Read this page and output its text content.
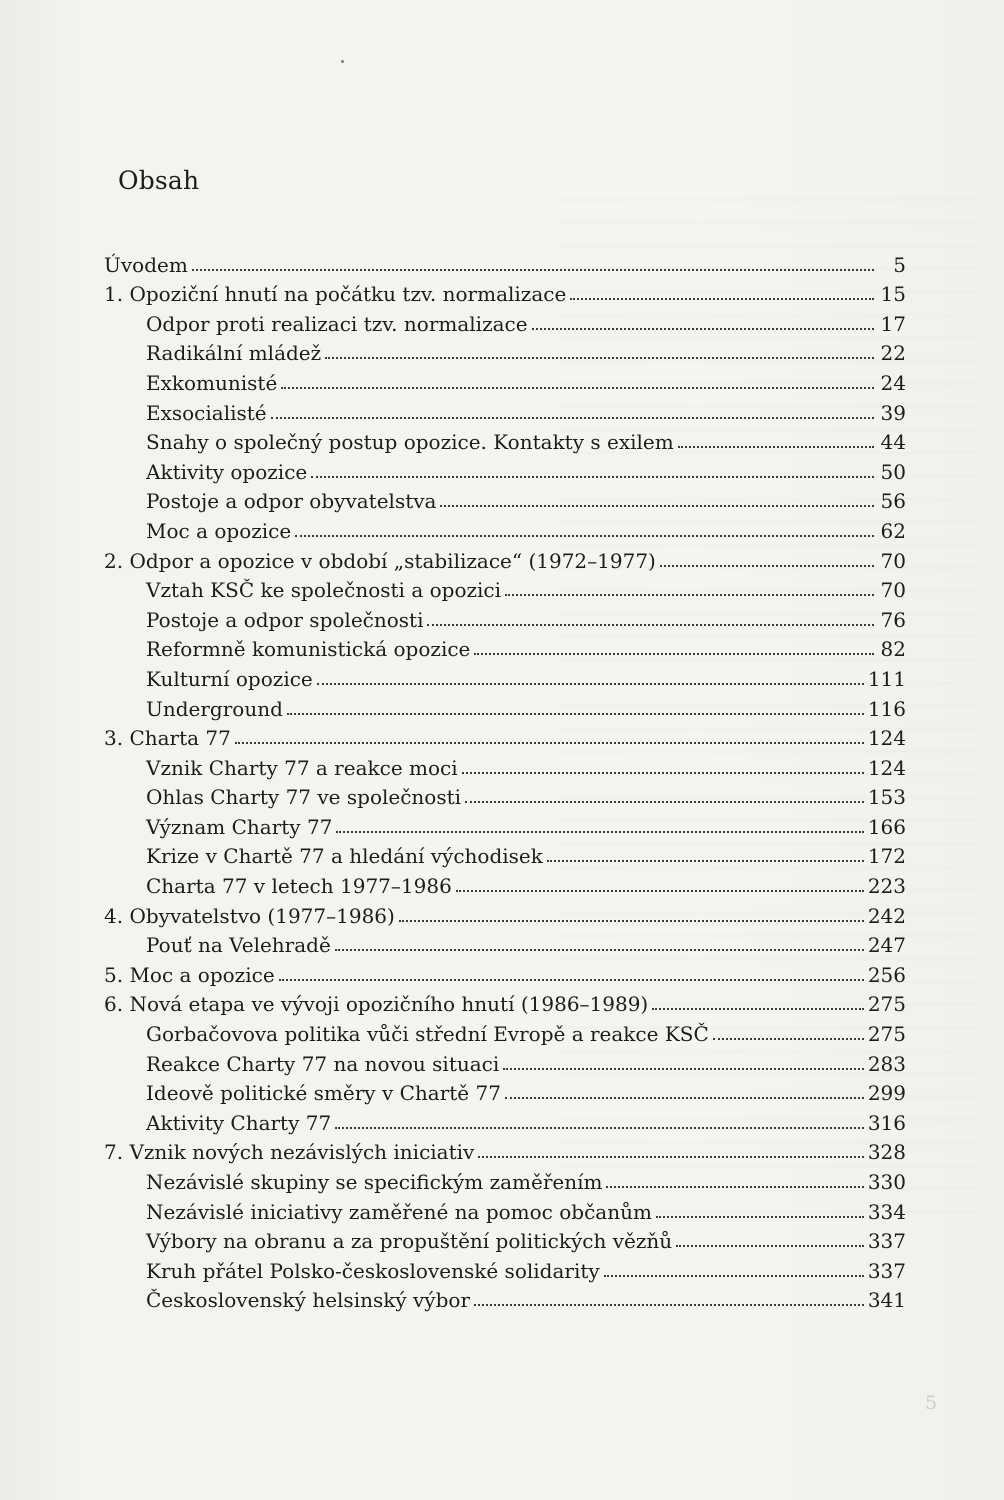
Obsah
Úvodem	5
1. Opoziční hnutí na počátku tzv. normalizace	15
Odpor proti realizaci tzv. normalizace	17
Radikální mládež	22
Exkomunisté	24
Exsocialisté	39
Snahy o společný postup opozice. Kontakty s exilem	44
Aktivity opozice	50
Postoje a odpor obyvatelstva	56
Moc a opozice	62
2. Odpor a opozice v období „stabilizace“ (1972–1977)	70
Vztah KSČ ke společnosti a opozici	70
Postoje a odpor společnosti	76
Reformně komunistická opozice	82
Kulturní opozice	111
Underground	116
3. Charta 77	124
Vznik Charty 77 a reakce moci	124
Ohlas Charty 77 ve společnosti	153
Význam Charty 77	166
Krize v Chartě 77 a hledání východisek	172
Charta 77 v letech 1977–1986	223
4. Obyvatelstvo (1977–1986)	242
Pouť na Velehradě	247
5. Moc a opozice	256
6. Nová etapa ve vývoji opozičního hnutí (1986–1989)	275
Gorbačovova politika vůči střední Evropě a reakce KSČ	275
Reakce Charty 77 na novou situaci	283
Ideově politické směry v Chartě 77	299
Aktivity Charty 77	316
7. Vznik nových nezávislých iniciativ	328
Nezávislé skupiny se specifickým zaměřením	330
Nezávislé iniciativy zaměřené na pomoc občanům	334
Výbory na obranu a za propuštění politických vězňů	337
Kruh přátel Polsko-československé solidarity	337
Československý helsinský výbor	341
5
